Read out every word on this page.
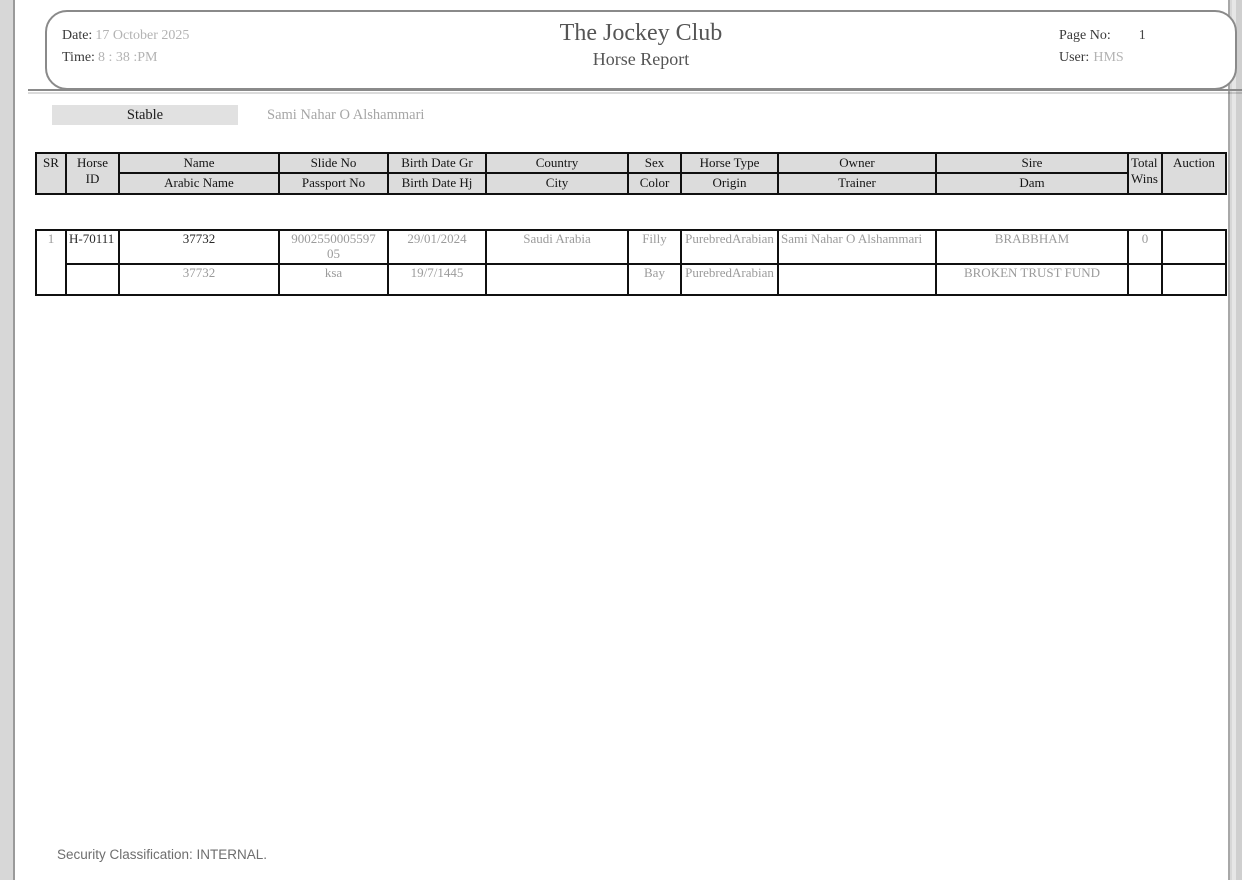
Date: 17 October 2025
Time: 8 : 38 :PM
The Jockey Club
Horse Report
Page No: 1
User: HMS
Stable	Sami Nahar O Alshammari
SR	Horse ID	Name	Slide No	Birth Date Gr	Country	Sex	Horse Type	Owner	Sire	Total Wins	Auction
		Arabic Name	Passport No	Birth Date Hj	City	Color	Origin	Trainer	Dam		
1	H-70111	37732	900255000559705	29/01/2024	Saudi Arabia	Filly	PurebredArabian	Sami Nahar O Alshammari	BRABBHAM	0	
		37732	ksa	19/7/1445		Bay	PurebredArabian		BROKEN TRUST FUND		
Security Classification: INTERNAL.
